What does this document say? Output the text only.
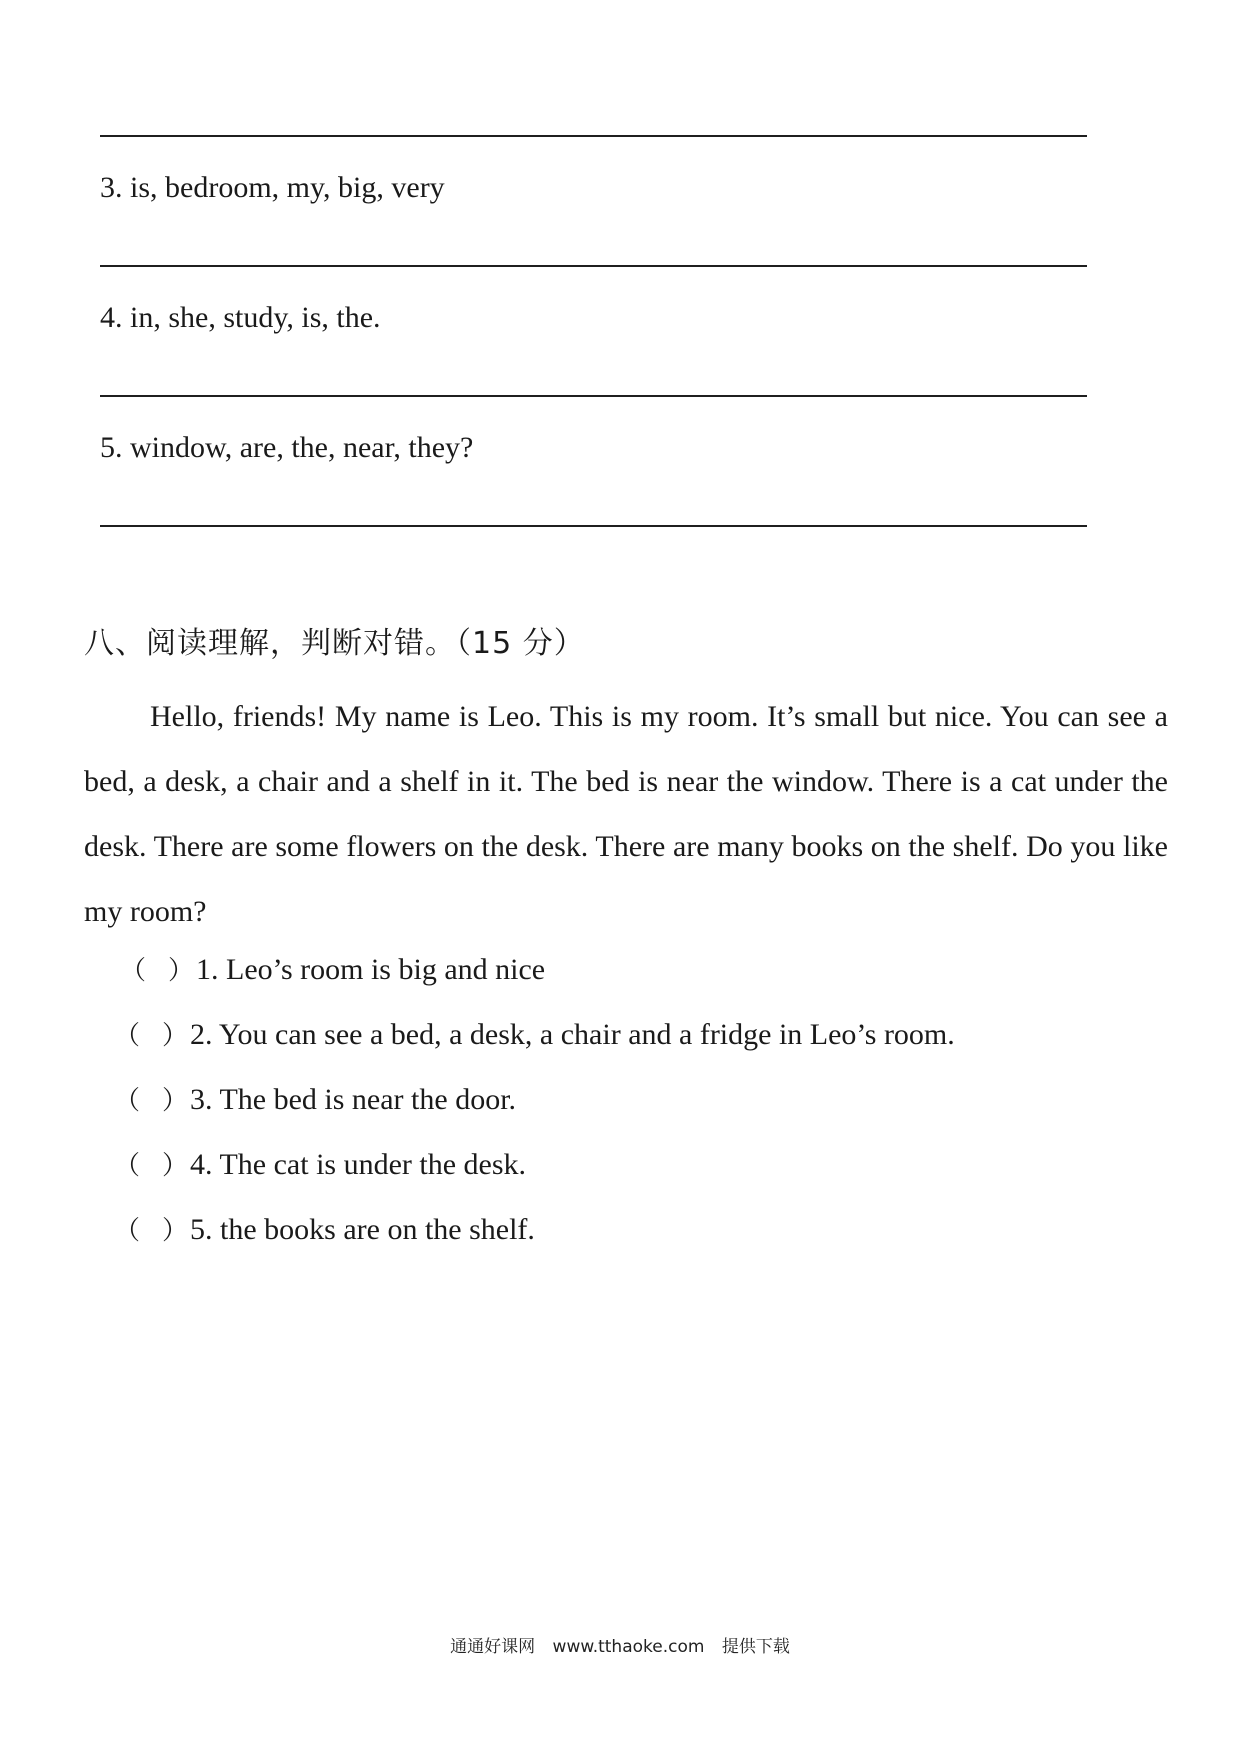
3. is, bedroom, my, big, very
4. in, she, study, is, the.
5. window, are, the, near, they?
八、阅读理解，判断对错。（15 分）

Hello, friends! My name is Leo. This is my room. It’s small but nice. You can see a bed, a desk, a chair and a shelf in it. The bed is near the window. There is a cat under the desk. There are some flowers on the desk. There are many books on the shelf. Do you like my room?

（ ）1. Leo’s room is big and nice
（ ）2. You can see a bed, a desk, a chair and a fridge in Leo’s room.
（ ）3. The bed is near the door.
（ ）4. The cat is under the desk.
（ ）5. the books are on the shelf.
通通好课网 www.tthaoke.com 提供下载
